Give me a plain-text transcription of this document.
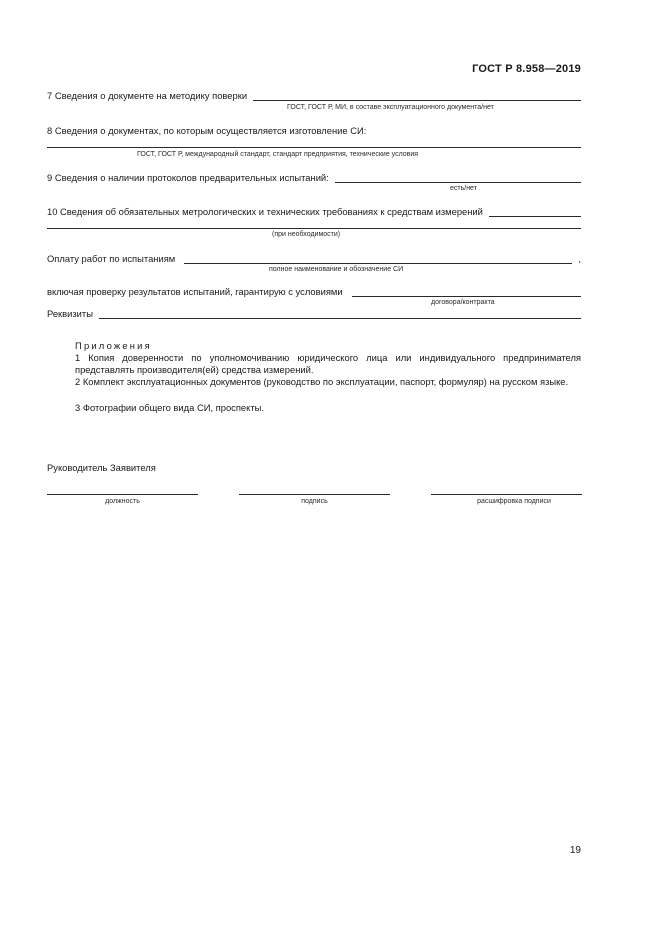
ГОСТ Р 8.958—2019
7 Сведения о документе на методику поверки
ГОСТ, ГОСТ Р, МИ, в составе эксплуатационного документа/нет
8 Сведения о документах, по которым осуществляется изготовление СИ:
ГОСТ, ГОСТ Р, международный стандарт, стандарт предприятия, технические условия
9 Сведения о наличии протоколов предварительных испытаний:
есть/нет
10 Сведения об обязательных метрологических и технических требованиях к средствам измерений
(при необходимости)
Оплату работ по испытаниям	,
полное наименование и обозначение СИ
включая проверку результатов испытаний, гарантирую с условиями
договора/контракта
Реквизиты
Приложения
1 Копия доверенности по уполномочиванию юридического лица или индивидуального предпринимателя представлять производителя(ей) средства измерений.
2 Комплект эксплуатационных документов (руководство по эксплуатации, паспорт, формуляр) на русском языке.
3 Фотографии общего вида СИ, проспекты.
Руководитель Заявителя
должность	подпись	расшифровка подписи
19
